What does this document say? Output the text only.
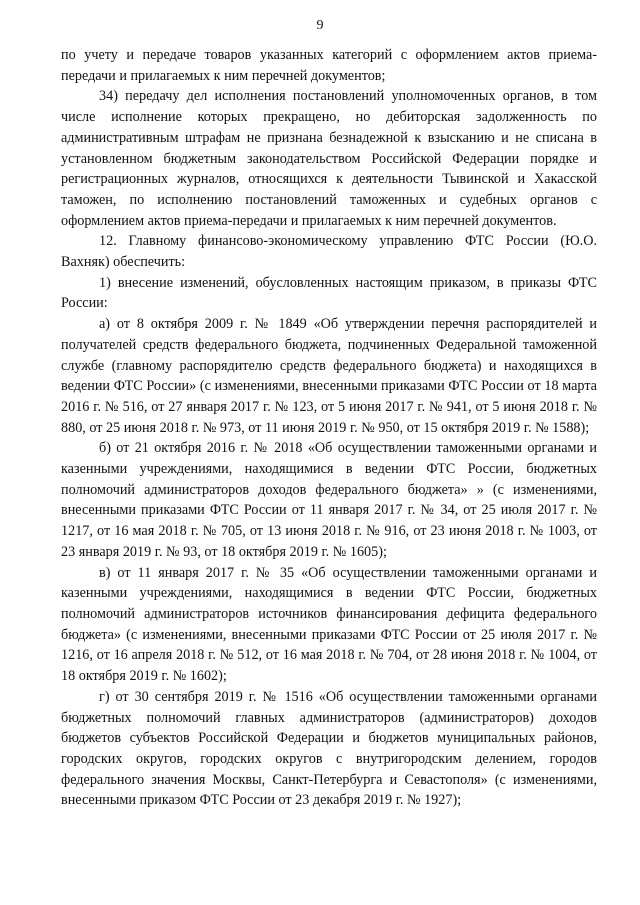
9

по учету и передаче товаров указанных категорий с оформлением актов приема-передачи и прилагаемых к ним перечней документов;

34) передачу дел исполнения постановлений уполномоченных органов, в том числе исполнение которых прекращено, но дебиторская задолженность по административным штрафам не признана безнадежной к взысканию и не списана в установленном бюджетным законодательством Российской Федерации порядке и регистрационных журналов, относящихся к деятельности Тывинской и Хакасской таможен, по исполнению постановлений таможенных и судебных органов с оформлением актов приема-передачи и прилагаемых к ним перечней документов.

12. Главному финансово-экономическому управлению ФТС России (Ю.О. Вахняк) обеспечить:

1) внесение изменений, обусловленных настоящим приказом, в приказы ФТС России:

а) от 8 октября 2009 г. № 1849 «Об утверждении перечня распорядителей и получателей средств федерального бюджета, подчиненных Федеральной таможенной службе (главному распорядителю средств федерального бюджета) и находящихся в ведении ФТС России» (с изменениями, внесенными приказами ФТС России от 18 марта 2016 г. № 516, от 27 января 2017 г. № 123, от 5 июня 2017 г. № 941, от 5 июня 2018 г. № 880, от 25 июня 2018 г. № 973, от 11 июня 2019 г. № 950, от 15 октября 2019 г. № 1588);

б) от 21 октября 2016 г. № 2018 «Об осуществлении таможенными органами и казенными учреждениями, находящимися в ведении ФТС России, бюджетных полномочий администраторов доходов федерального бюджета» » (с изменениями, внесенными приказами ФТС России от 11 января 2017 г. № 34, от 25 июля 2017 г. № 1217, от 16 мая 2018 г. № 705, от 13 июня 2018 г. № 916, от 23 июня 2018 г. № 1003, от 23 января 2019 г. № 93, от 18 октября 2019 г. № 1605);

в) от 11 января 2017 г. № 35 «Об осуществлении таможенными органами и казенными учреждениями, находящимися в ведении ФТС России, бюджетных полномочий администраторов источников финансирования дефицита федерального бюджета» (с изменениями, внесенными приказами ФТС России от 25 июля 2017 г. № 1216, от 16 апреля 2018 г. № 512, от 16 мая 2018 г. № 704, от 28 июня 2018 г. № 1004, от 18 октября 2019 г. № 1602);

г) от 30 сентября 2019 г. № 1516 «Об осуществлении таможенными органами бюджетных полномочий главных администраторов (администраторов) доходов бюджетов субъектов Российской Федерации и бюджетов муниципальных районов, городских округов, городских округов с внутригородским делением, городов федерального значения Москвы, Санкт-Петербурга и Севастополя» (с изменениями, внесенными приказом ФТС России от 23 декабря 2019 г. № 1927);
